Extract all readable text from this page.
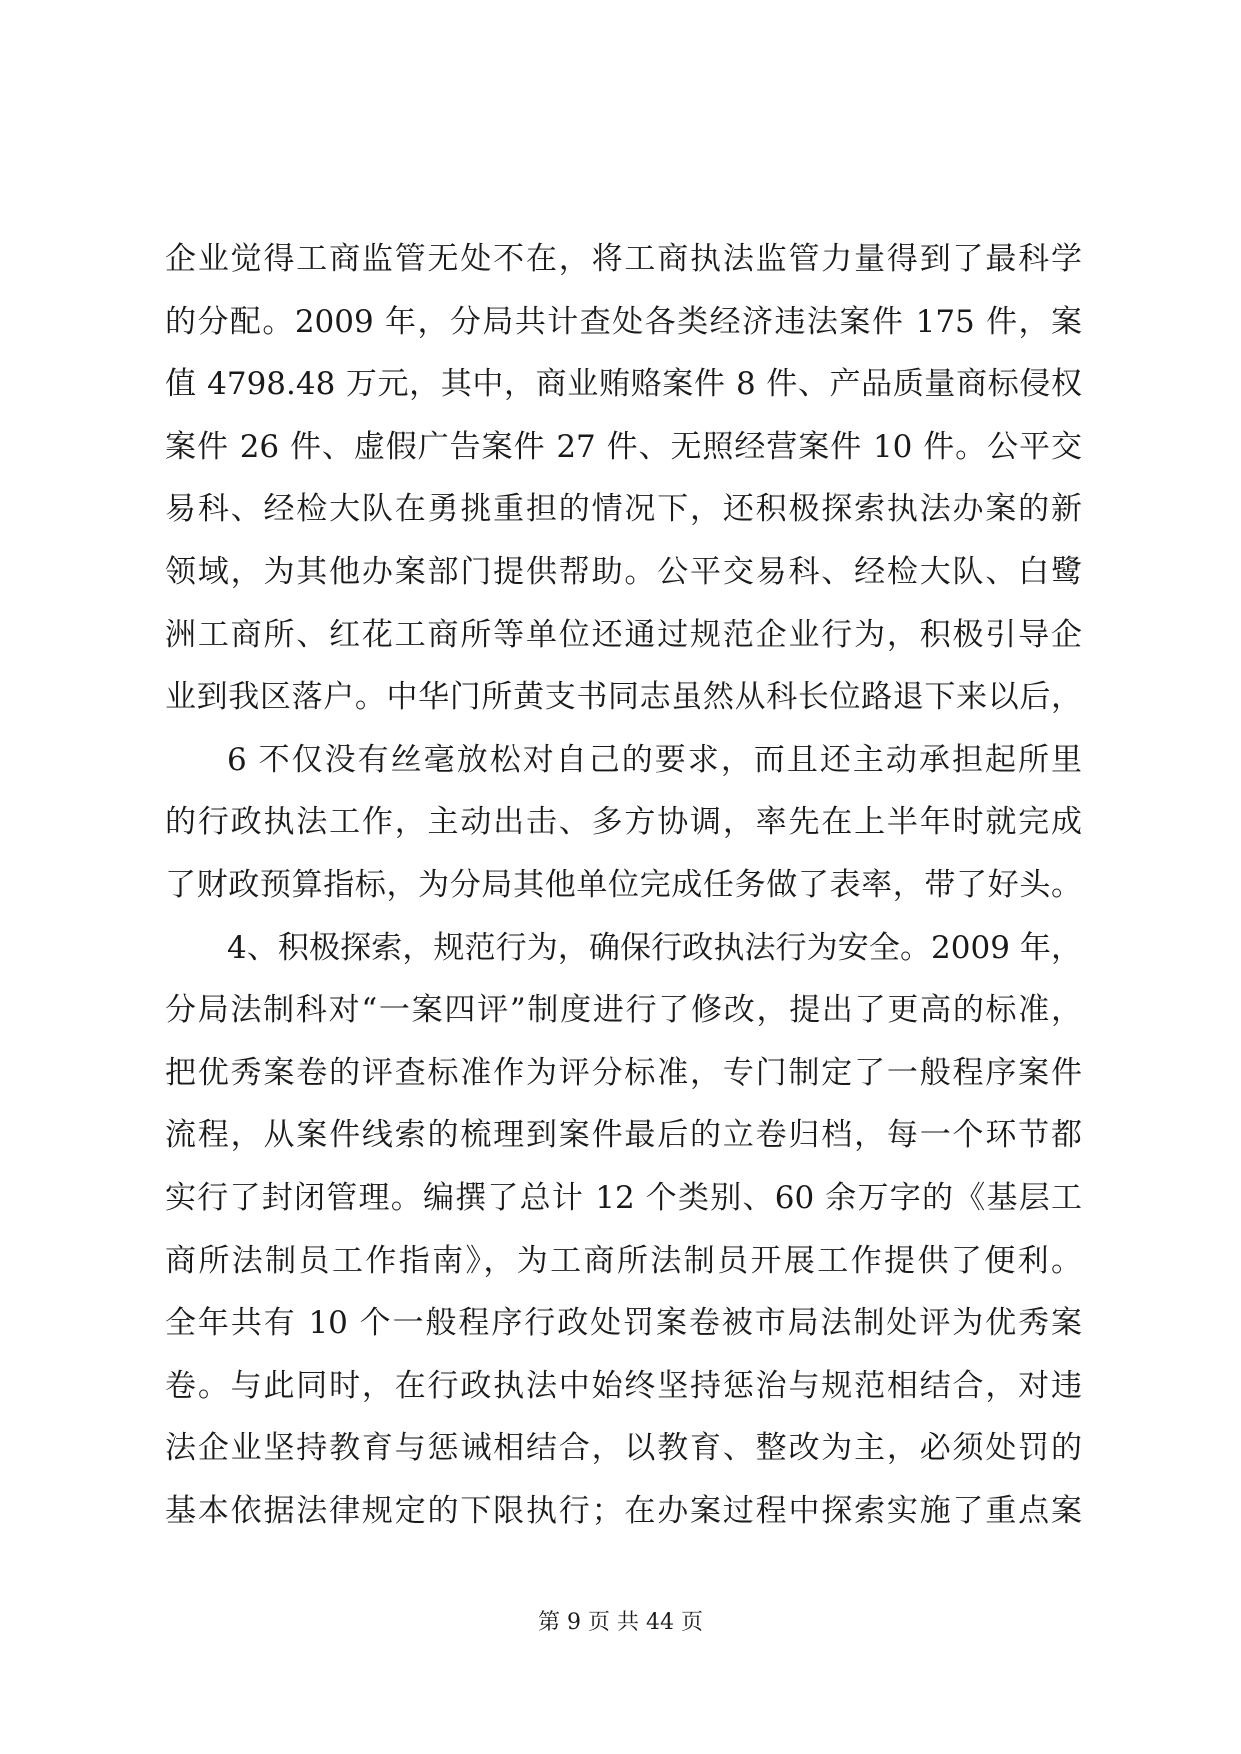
企业觉得工商监管无处不在，将工商执法监管力量得到了最科学
的分配。2009 年，分局共计查处各类经济违法案件 175 件，案
值 4798.48 万元，其中，商业贿赂案件 8 件、产品质量商标侵权
案件 26 件、虚假广告案件 27 件、无照经营案件 10 件。公平交
易科、经检大队在勇挑重担的情况下，还积极探索执法办案的新
领域，为其他办案部门提供帮助。公平交易科、经检大队、白鹭
洲工商所、红花工商所等单位还通过规范企业行为，积极引导企
业到我区落户。中华门所黄支书同志虽然从科长位路退下来以后，
6 不仅没有丝毫放松对自己的要求，而且还主动承担起所里
的行政执法工作，主动出击、多方协调，率先在上半年时就完成
了财政预算指标，为分局其他单位完成任务做了表率，带了好头。
4、积极探索，规范行为，确保行政执法行为安全。2009 年，
分局法制科对“一案四评”制度进行了修改，提出了更高的标准，
把优秀案卷的评查标准作为评分标准，专门制定了一般程序案件
流程，从案件线索的梳理到案件最后的立卷归档，每一个环节都
实行了封闭管理。编撰了总计 12 个类别、60 余万字的《基层工
商所法制员工作指南》，为工商所法制员开展工作提供了便利。
全年共有 10 个一般程序行政处罚案卷被市局法制处评为优秀案
卷。与此同时，在行政执法中始终坚持惩治与规范相结合，对违
法企业坚持教育与惩诫相结合，以教育、整改为主，必须处罚的
基本依据法律规定的下限执行；在办案过程中探索实施了重点案
第 9 页 共 44 页
